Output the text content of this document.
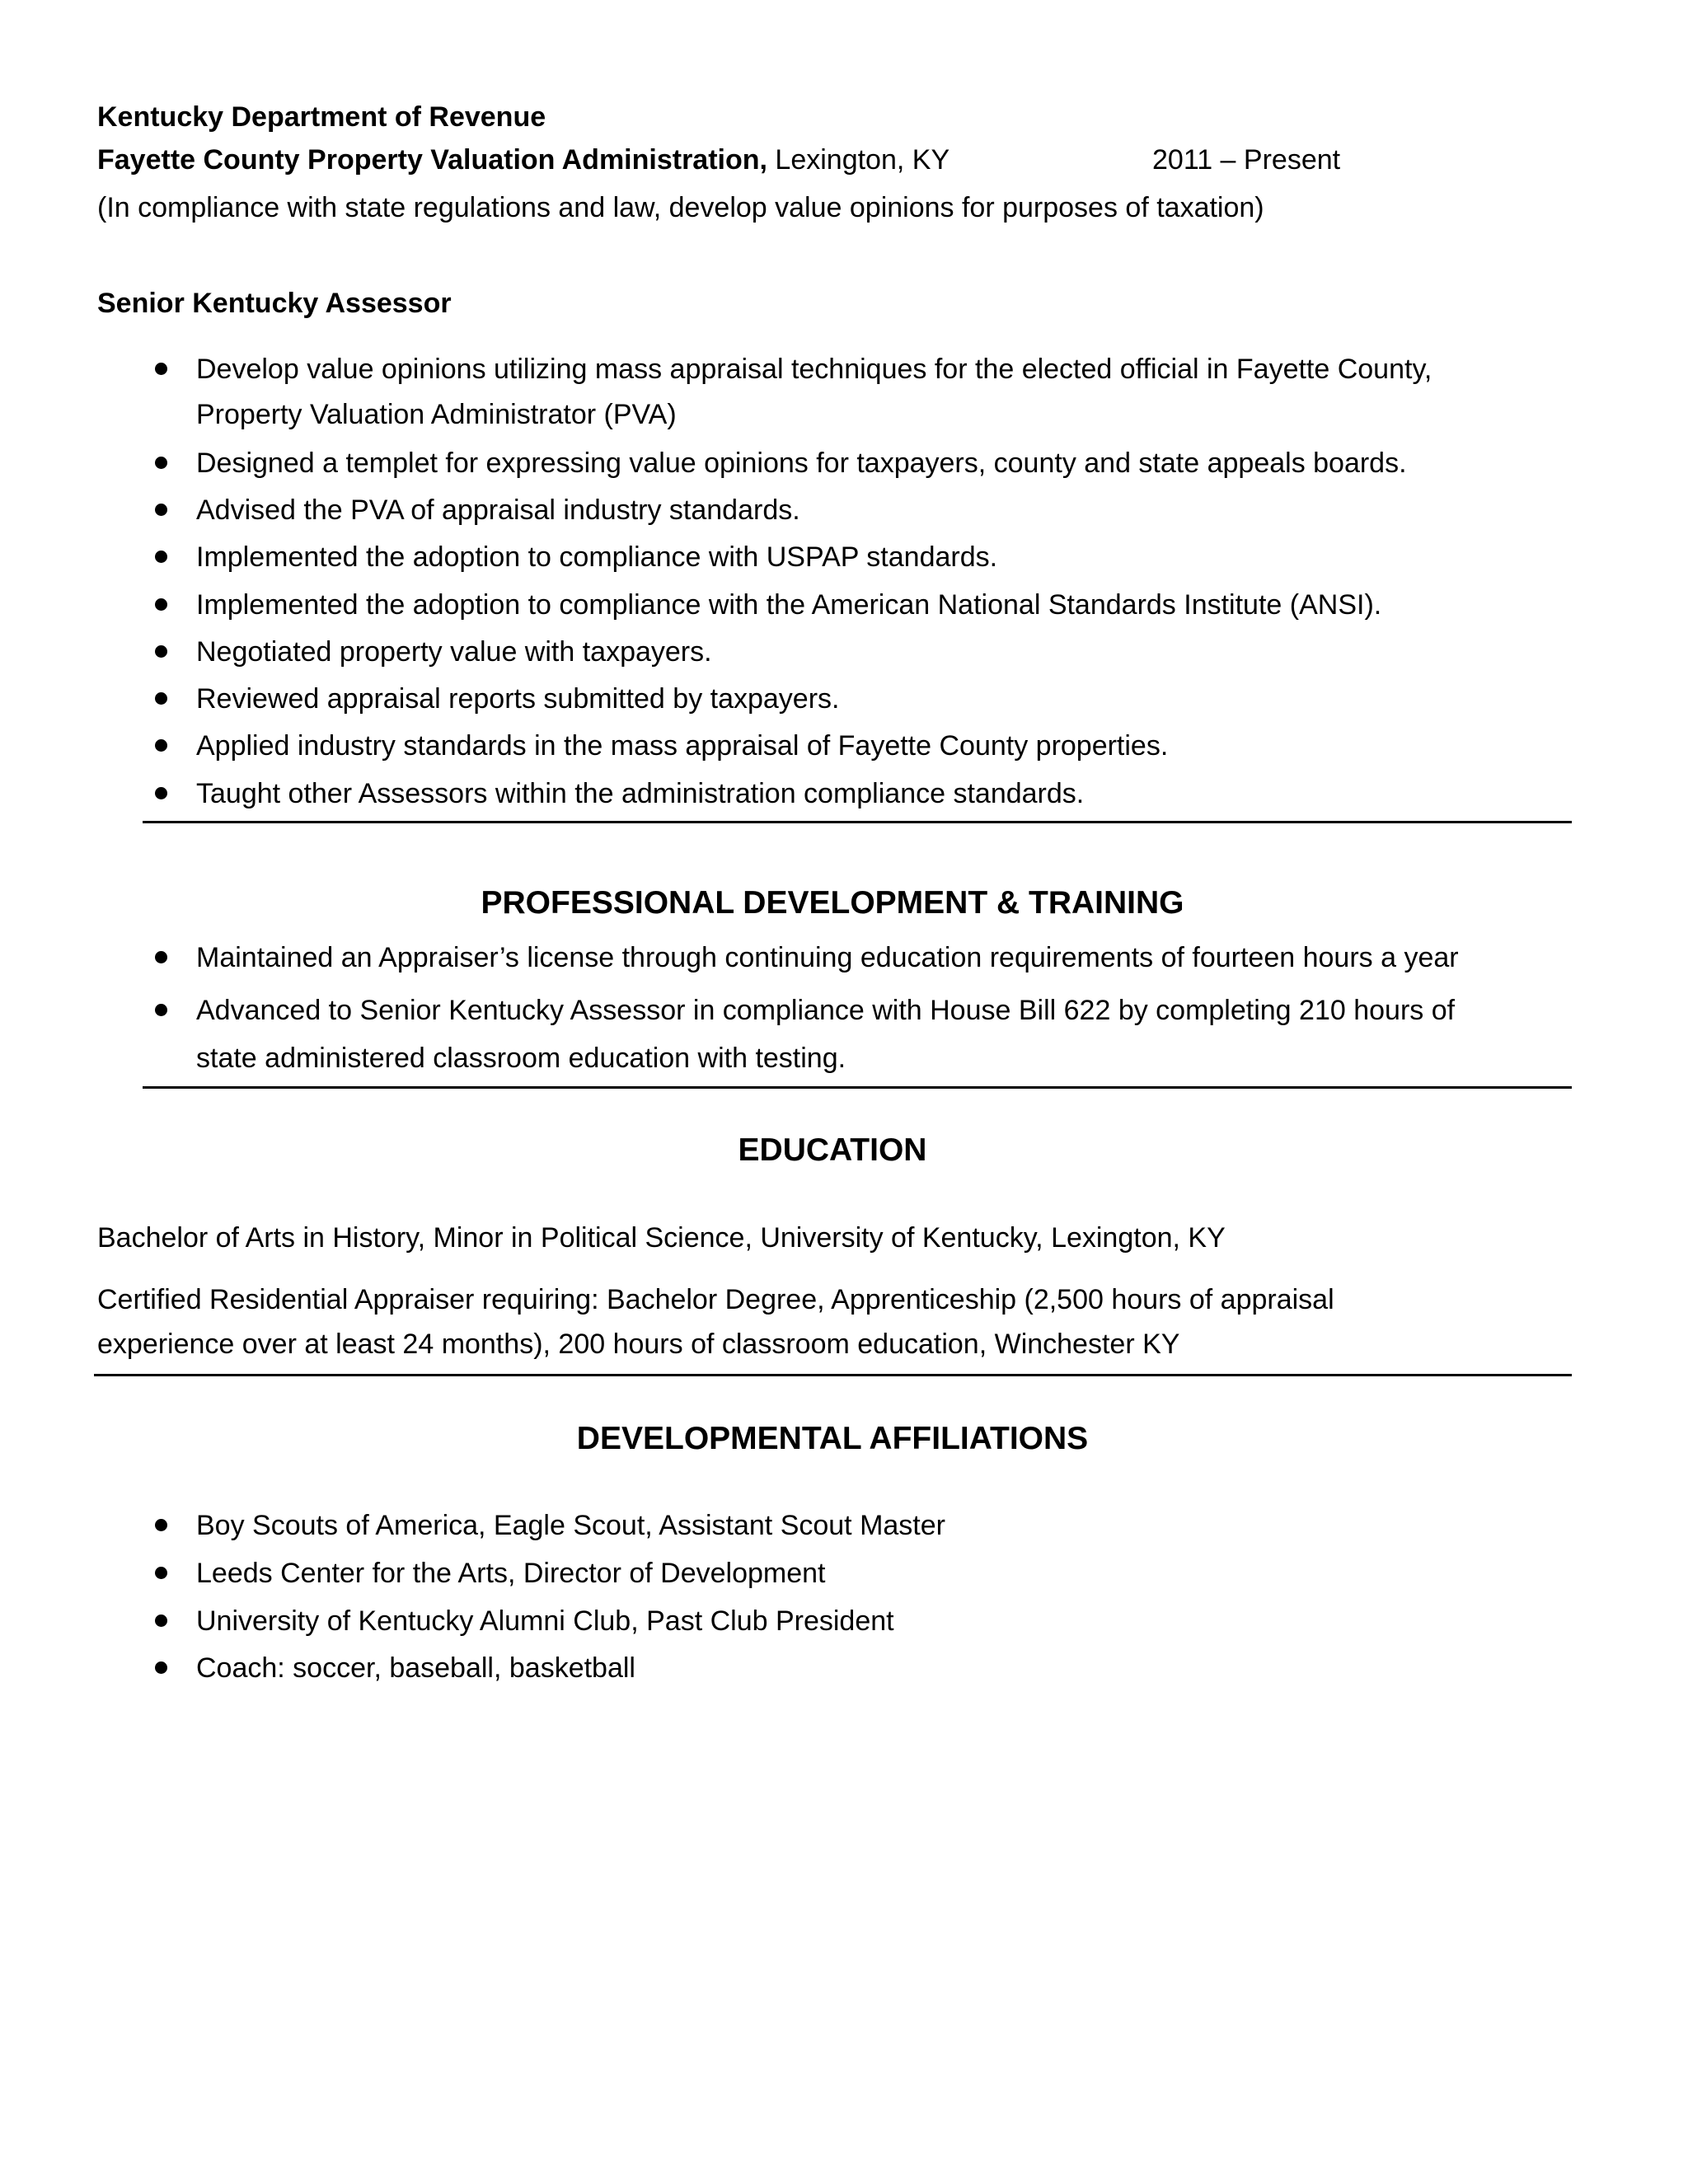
Kentucky Department of Revenue
Fayette County Property Valuation Administration, Lexington, KY	2011 – Present
(In compliance with state regulations and law, develop value opinions for purposes of taxation)
Senior Kentucky Assessor
Develop value opinions utilizing mass appraisal techniques for the elected official in Fayette County,
Property Valuation Administrator (PVA)
Designed a templet for expressing value opinions for taxpayers, county and state appeals boards.
Advised the PVA of appraisal industry standards.
Implemented the adoption to compliance with USPAP standards.
Implemented the adoption to compliance with the American National Standards Institute (ANSI).
Negotiated property value with taxpayers.
Reviewed appraisal reports submitted by taxpayers.
Applied industry standards in the mass appraisal of Fayette County properties.
Taught other Assessors within the administration compliance standards.
PROFESSIONAL DEVELOPMENT & TRAINING
Maintained an Appraiser’s license through continuing education requirements of fourteen hours a year
Advanced to Senior Kentucky Assessor in compliance with House Bill 622 by completing 210 hours of
state administered classroom education with testing.
EDUCATION
Bachelor of Arts in History, Minor in Political Science, University of Kentucky, Lexington, KY
Certified Residential Appraiser requiring: Bachelor Degree, Apprenticeship (2,500 hours of appraisal
experience over at least 24 months), 200 hours of classroom education, Winchester KY
DEVELOPMENTAL AFFILIATIONS
Boy Scouts of America, Eagle Scout, Assistant Scout Master
Leeds Center for the Arts, Director of Development
University of Kentucky Alumni Club, Past Club President
Coach: soccer, baseball, basketball
